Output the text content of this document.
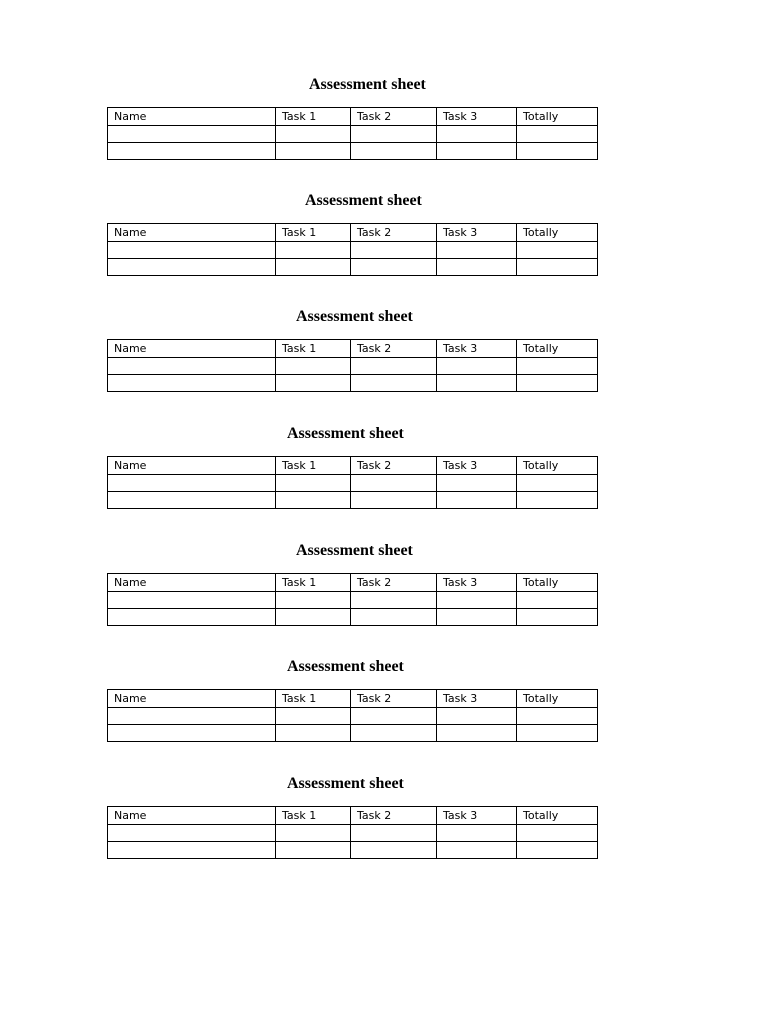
Assessment sheet
Name	Task 1	Task 2	Task 3	Totally

Assessment sheet
Name	Task 1	Task 2	Task 3	Totally

Assessment sheet
Name	Task 1	Task 2	Task 3	Totally

Assessment sheet
Name	Task 1	Task 2	Task 3	Totally

Assessment sheet
Name	Task 1	Task 2	Task 3	Totally

Assessment sheet
Name	Task 1	Task 2	Task 3	Totally

Assessment sheet
Name	Task 1	Task 2	Task 3	Totally
